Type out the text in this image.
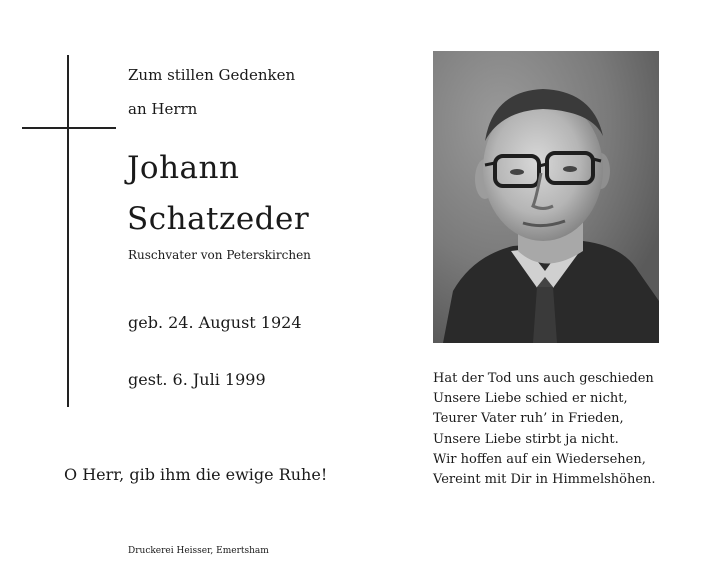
Zum stillen Gedenken
an Herrn
Johann
Schatzeder
Ruschvater von Peterskirchen
geb. 24. August 1924
gest. 6. Juli 1999
O Herr, gib ihm die ewige Ruhe!
Druckerei Heisser, Emertsham
Hat der Tod uns auch geschieden
Unsere Liebe schied er nicht,
Teurer Vater ruh’ in Frieden,
Unsere Liebe stirbt ja nicht.
Wir hoffen auf ein Wiedersehen,
Vereint mit Dir in Himmelshöhen.
